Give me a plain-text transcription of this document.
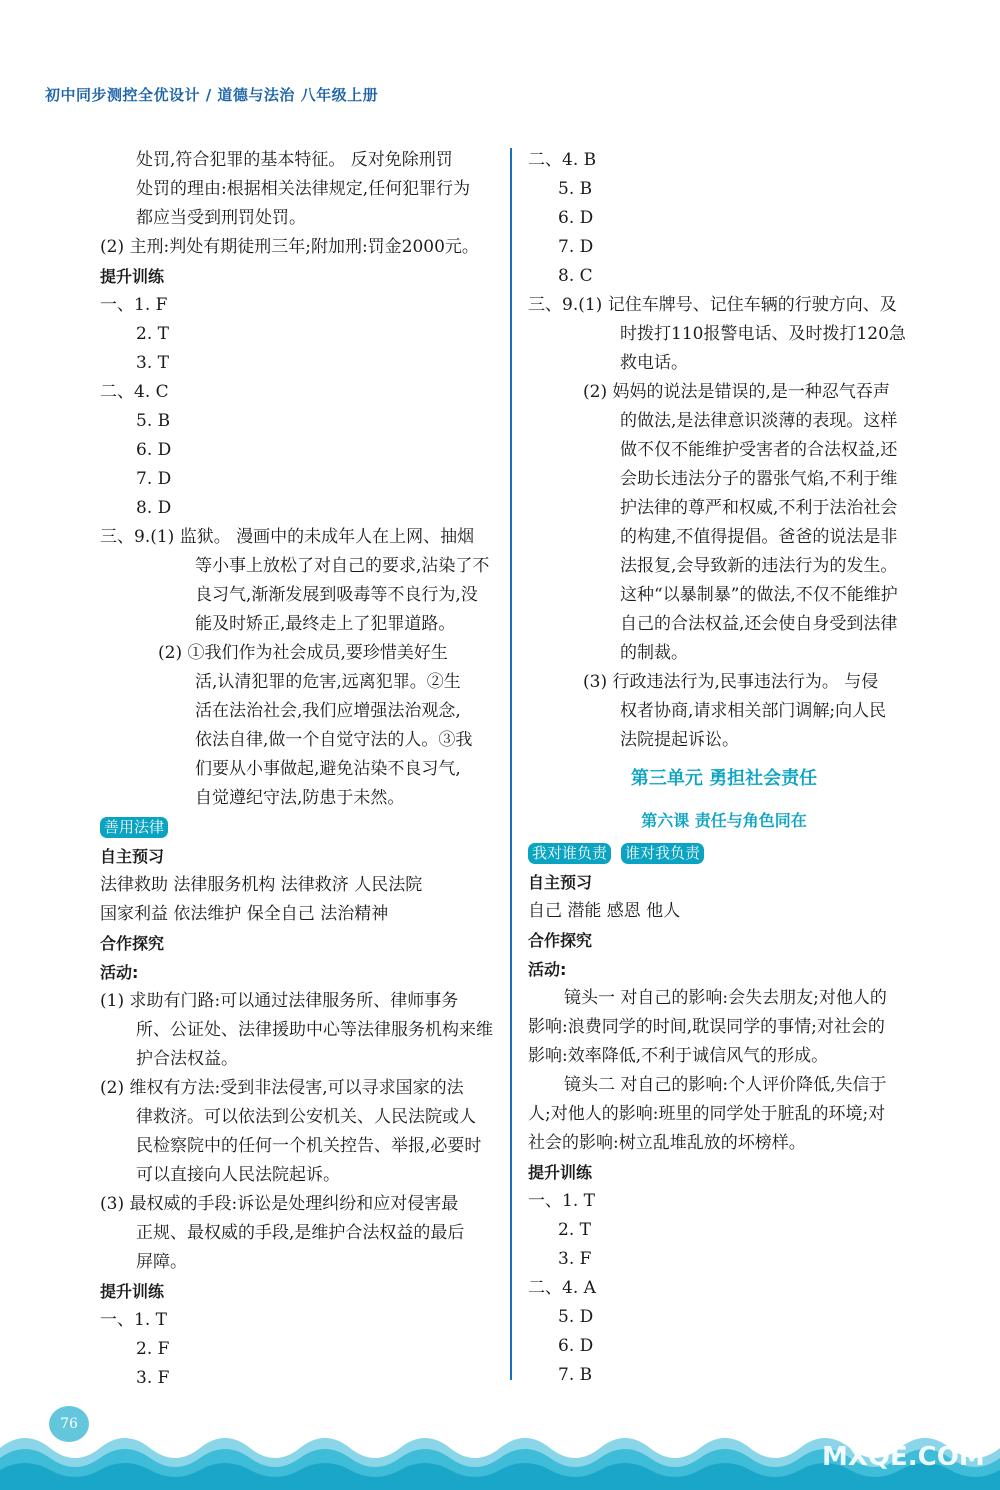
初中同步测控全优设计 / 道德与法治 八年级上册
处罚,符合犯罪的基本特征。 反对免除刑罚
处罚的理由:根据相关法律规定,任何犯罪行为
都应当受到刑罚处罚。
(2) 主刑:判处有期徒刑三年;附加刑:罚金2000元。
提升训练
一、1. F
2. T
3. T
二、4. C
5. B
6. D
7. D
8. D
三、9.(1) 监狱。 漫画中的未成年人在上网、抽烟
等小事上放松了对自己的要求,沾染了不
良习气,渐渐发展到吸毒等不良行为,没
能及时矫正,最终走上了犯罪道路。
(2) ①我们作为社会成员,要珍惜美好生
活,认清犯罪的危害,远离犯罪。②生
活在法治社会,我们应增强法治观念,
依法自律,做一个自觉守法的人。③我
们要从小事做起,避免沾染不良习气,
自觉遵纪守法,防患于未然。
善用法律
自主预习
法律救助 法律服务机构 法律救济 人民法院
国家利益 依法维护 保全自己 法治精神
合作探究
活动:
(1) 求助有门路:可以通过法律服务所、律师事务
所、公证处、法律援助中心等法律服务机构来维
护合法权益。
(2) 维权有方法:受到非法侵害,可以寻求国家的法
律救济。可以依法到公安机关、人民法院或人
民检察院中的任何一个机关控告、举报,必要时
可以直接向人民法院起诉。
(3) 最权威的手段:诉讼是处理纠纷和应对侵害最
正规、最权威的手段,是维护合法权益的最后
屏障。
提升训练
一、1. T
2. F
3. F
二、4. B
5. B
6. D
7. D
8. C
三、9.(1) 记住车牌号、记住车辆的行驶方向、及
时拨打110报警电话、及时拨打120急
救电话。
(2) 妈妈的说法是错误的,是一种忍气吞声
的做法,是法律意识淡薄的表现。这样
做不仅不能维护受害者的合法权益,还
会助长违法分子的嚣张气焰,不利于维
护法律的尊严和权威,不利于法治社会
的构建,不值得提倡。爸爸的说法是非
法报复,会导致新的违法行为的发生。
这种“以暴制暴”的做法,不仅不能维护
自己的合法权益,还会使自身受到法律
的制裁。
(3) 行政违法行为,民事违法行为。 与侵
权者协商,请求相关部门调解;向人民
法院提起诉讼。
第三单元 勇担社会责任
第六课 责任与角色同在
我对谁负责 谁对我负责
自主预习
自己 潜能 感恩 他人
合作探究
活动:
镜头一 对自己的影响:会失去朋友;对他人的
影响:浪费同学的时间,耽误同学的事情;对社会的
影响:效率降低,不利于诚信风气的形成。
镜头二 对自己的影响:个人评价降低,失信于
人;对他人的影响:班里的同学处于脏乱的环境;对
社会的影响:树立乱堆乱放的坏榜样。
提升训练
一、1. T
2. T
3. F
二、4. A
5. D
6. D
7. B
76	答案圈
MXQE.COM
